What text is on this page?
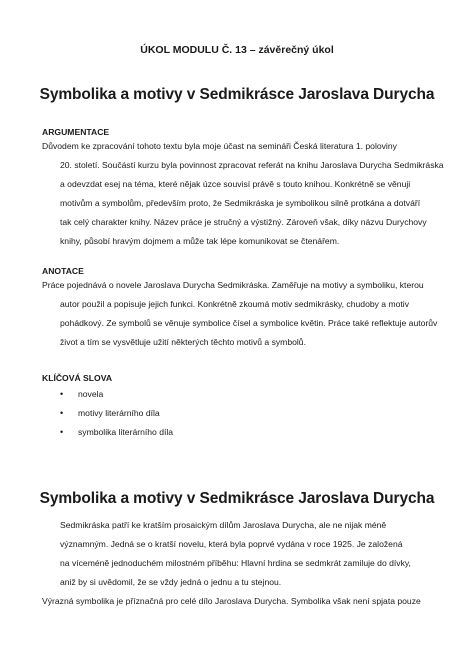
ÚKOL MODULU Č. 13 – závěrečný úkol
Symbolika a motivy v Sedmikrásce Jaroslava Durycha
ARGUMENTACE
Důvodem ke zpracování tohoto textu byla moje účast na semináři Česká literatura 1. poloviny
20. století. Součástí kurzu byla povinnost zpracovat referát na knihu Jaroslava Durycha Sedmikráska
a odevzdat esej na téma, které nějak úzce souvisí právě s touto knihou. Konkrétně se věnuji
motivům a symbolům, především proto, že Sedmikráska je symbolikou silně protkána a dotváří
tak celý charakter knihy. Název práce je stručný a výstižný. Zároveň však, díky názvu Durychovy
knihy, působí hravým dojmem a může tak lépe komunikovat se čtenářem.
ANOTACE
Práce pojednává o novele Jaroslava Durycha Sedmikráska. Zaměřuje na motivy a symboliku, kterou
autor použil a popisuje jejich funkci. Konkrétně zkoumá motiv sedmikrásky, chudoby a motiv
pohádkový. Ze symbolů se věnuje symbolice čísel a symbolice květin. Práce také reflektuje autorův
život a tím se vysvětluje užití některých těchto motivů a symbolů.
KLÍČOVÁ SLOVA
•	novela
•	motivy literárního díla
•	symbolika literárního díla
Symbolika a motivy v Sedmikrásce Jaroslava Durycha
Sedmikráska patří ke kratším prosaickým dílům Jaroslava Durycha, ale ne nijak méně
významným. Jedná se o kratší novelu, která byla poprvé vydána v roce 1925. Je založená
na víceméně jednoduchém milostném příběhu: Hlavní hrdina se sedmkrát zamiluje do dívky,
aniž by si uvědomil, že se vždy jedná o jednu a tu stejnou.
Výrazná symbolika je příznačná pro celé dílo Jaroslava Durycha. Symbolika však není spjata pouze
